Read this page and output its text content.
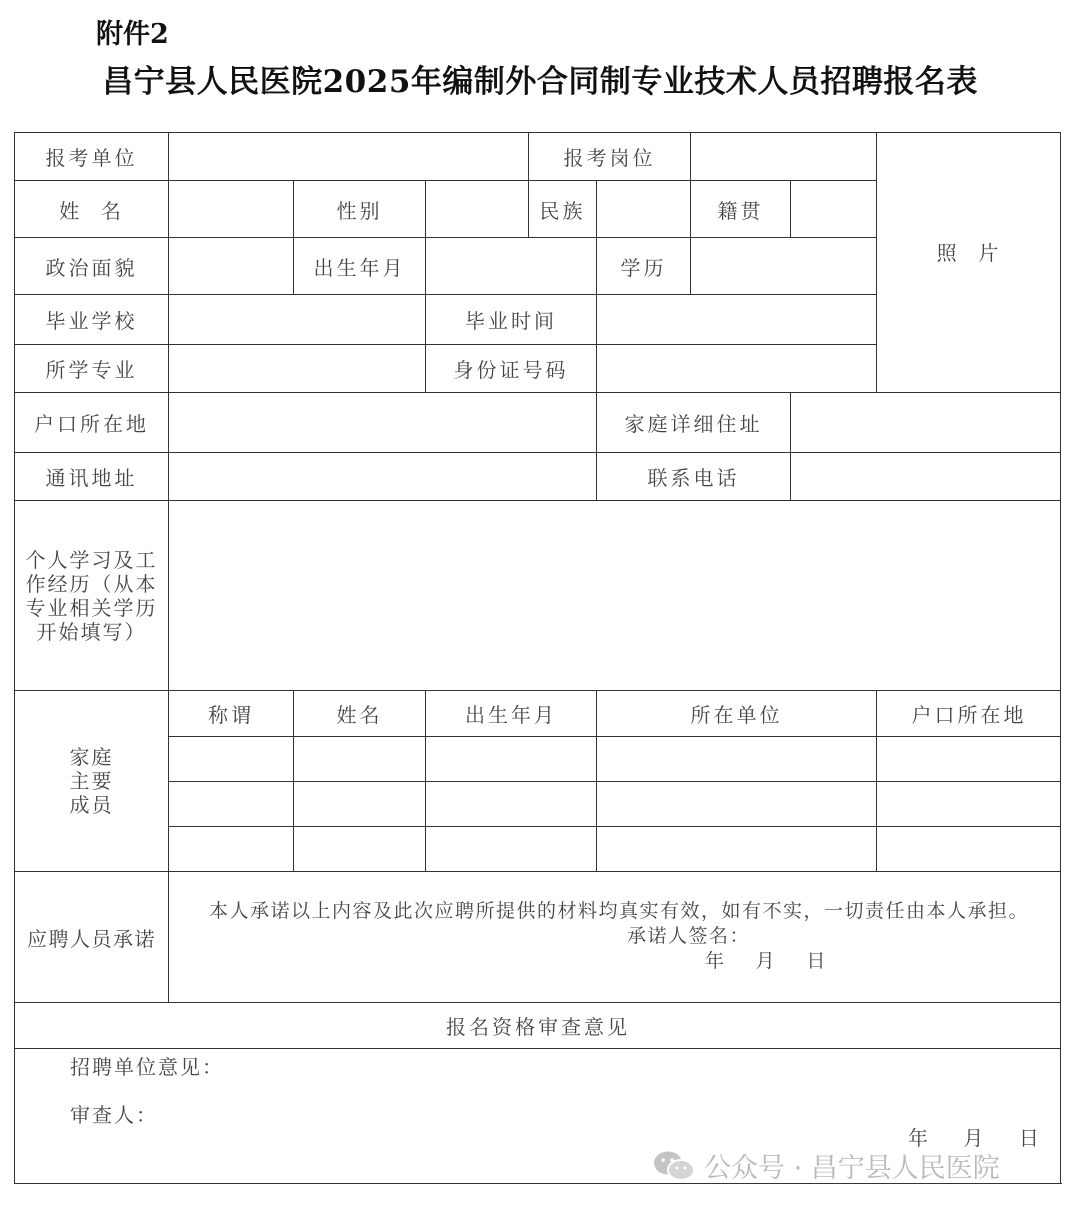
附件2
昌宁县人民医院2025年编制外合同制专业技术人员招聘报名表
报考单位	报考岗位
照  片
姓  名	性别	民族	籍贯
政治面貌	出生年月	学历
毕业学校	毕业时间
所学专业	身份证号码
户口所在地	家庭详细住址
通讯地址	联系电话
个人学习及工
作经历（从本
专业相关学历
开始填写）
家庭
主要
成员
称谓	姓名	出生年月	所在单位	户口所在地
应聘人员承诺
本人承诺以上内容及此次应聘所提供的材料均真实有效，如有不实，一切责任由本人承担。
承诺人签名：
年    月    日
报名资格审查意见
招聘单位意见：
审查人：
年    月    日
公众号 · 昌宁县人民医院
